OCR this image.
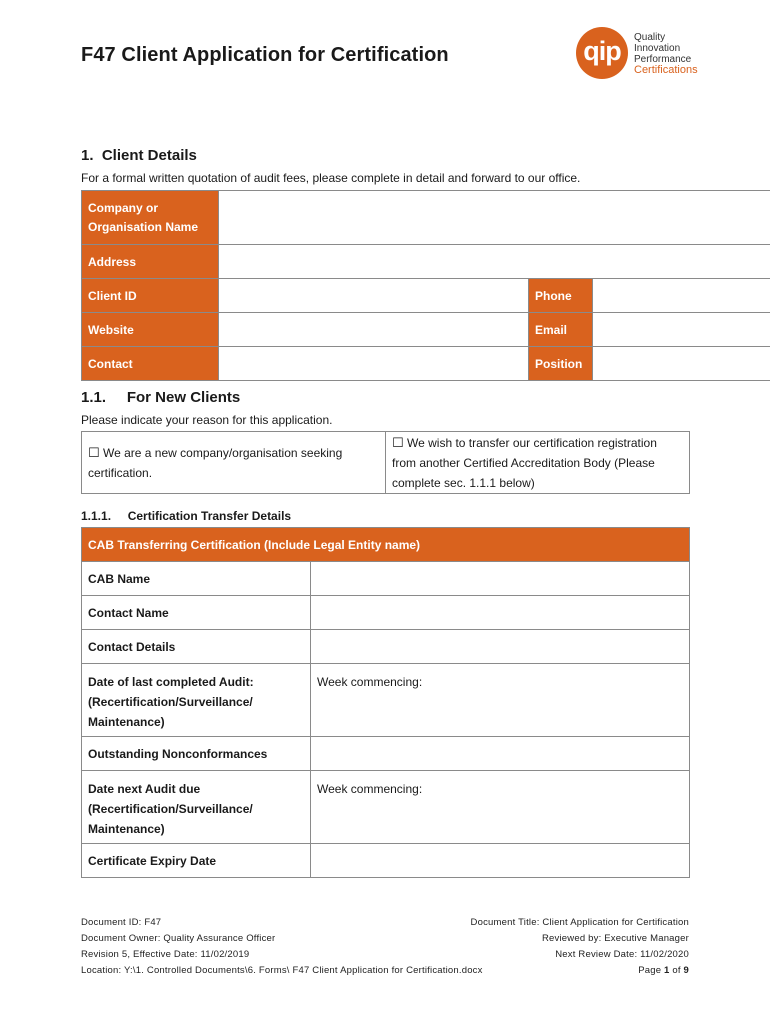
F47 Client Application for Certification	qip	Quality
Innovation
Performance
Certifications
1.  Client Details
For a formal written quotation of audit fees, please complete in detail and forward to our office.
Company or Organisation Name			
Address			
Client ID		Phone	
Website		Email	
Contact		Position	
1.1.     For New Clients
Please indicate your reason for this application.
☐ We are a new company/organisation seeking certification.	☐ We wish to transfer our certification registration from another Certified Accreditation Body (Please complete sec. 1.1.1 below)
1.1.1.     Certification Transfer Details
CAB Transferring Certification (Include Legal Entity name)	
CAB Name	
Contact Name	
Contact Details	

Date of last completed Audit:
(Recertification/Surveillance/
Maintenance)	Week commencing:

Outstanding Nonconformances	

Date next Audit due
(Recertification/Surveillance/
Maintenance)	Week commencing:

Certificate Expiry Date	
Document ID: F47	Document Title: Client Application for Certification
Document Owner: Quality Assurance Officer	Reviewed by: Executive Manager
Revision 5, Effective Date: 11/02/2019	Next Review Date: 11/02/2020
Location: Y:\1. Controlled Documents\6. Forms\ F47 Client Application for Certification.docx	Page 1 of 9
